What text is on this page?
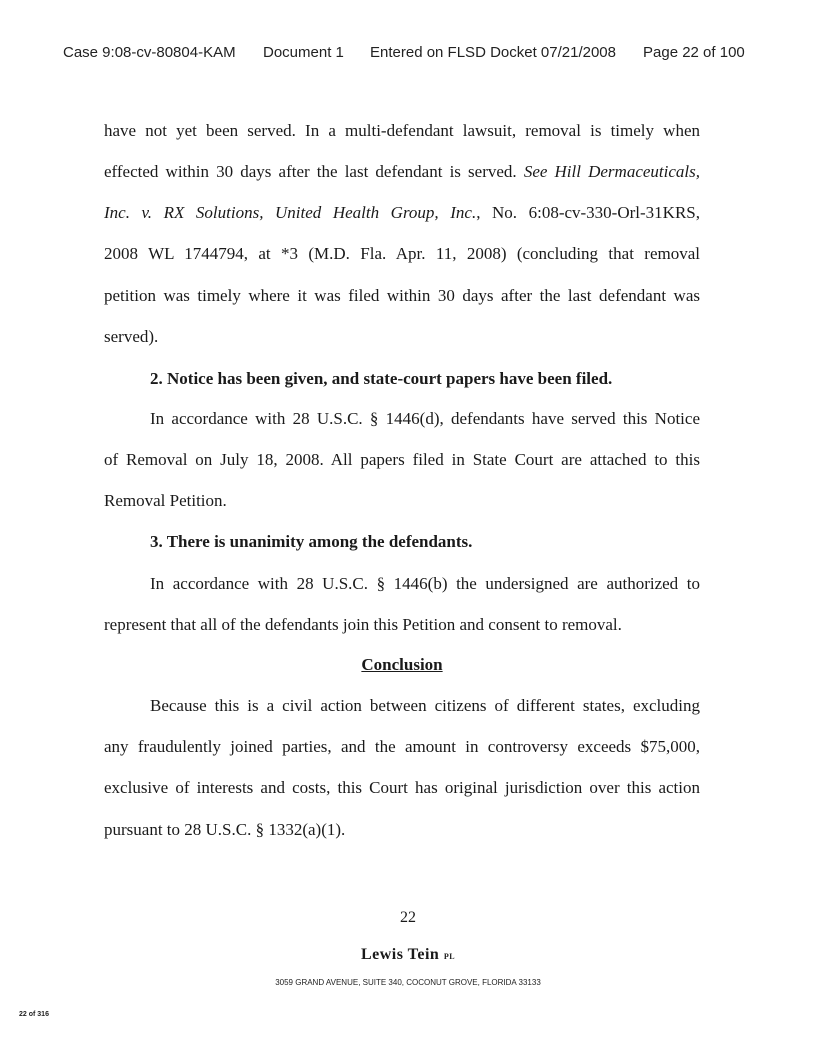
Case 9:08-cv-80804-KAM Document 1 Entered on FLSD Docket 07/21/2008 Page 22 of 100
have not yet been served. In a multi-defendant lawsuit, removal is timely when
effected within 30 days after the last defendant is served. See Hill Dermaceuticals,
Inc. v. RX Solutions, United Health Group, Inc., No. 6:08-cv-330-Orl-31KRS,
2008 WL 1744794, at *3 (M.D. Fla. Apr. 11, 2008) (concluding that removal
petition was timely where it was filed within 30 days after the last defendant was
served).
2. Notice has been given, and state-court papers have been filed.
In accordance with 28 U.S.C. § 1446(d), defendants have served this Notice
of Removal on July 18, 2008. All papers filed in State Court are attached to this
Removal Petition.
3. There is unanimity among the defendants.
In accordance with 28 U.S.C. § 1446(b) the undersigned are authorized to
represent that all of the defendants join this Petition and consent to removal.
Conclusion
Because this is a civil action between citizens of different states, excluding
any fraudulently joined parties, and the amount in controversy exceeds $75,000,
exclusive of interests and costs, this Court has original jurisdiction over this action
pursuant to 28 U.S.C. § 1332(a)(1).
22
Lewis Tein PL
3059 GRAND AVENUE, SUITE 340, COCONUT GROVE, FLORIDA 33133
22 of 316
